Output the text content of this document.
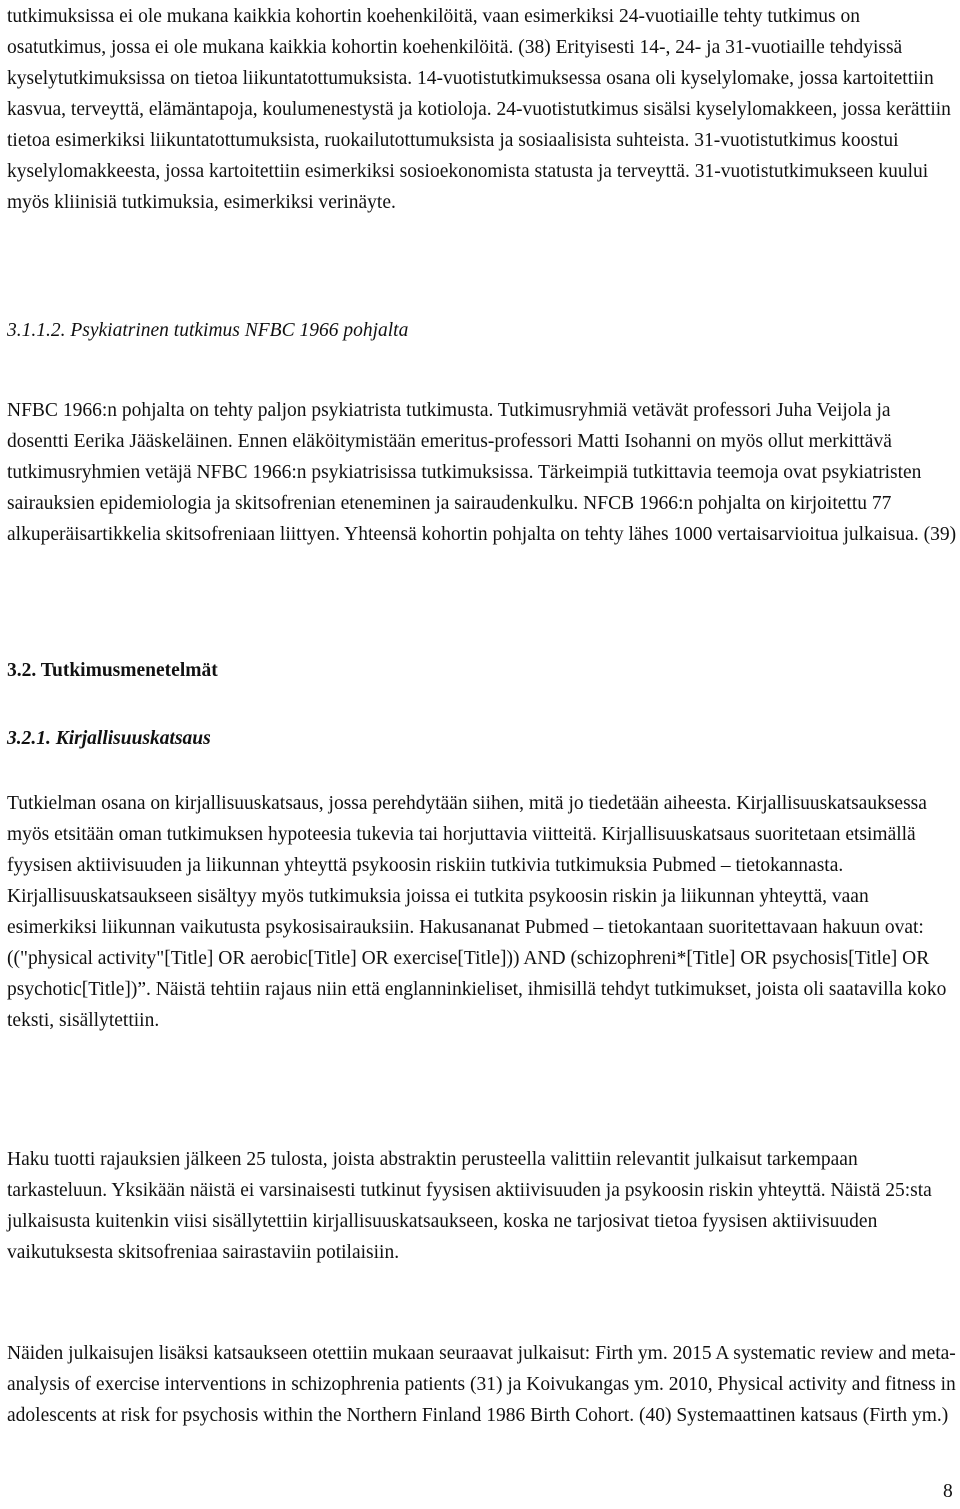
tutkimuksissa ei ole mukana kaikkia kohortin koehenkilöitä, vaan esimerkiksi 24-vuotiaille tehty tutkimus on osatutkimus, jossa ei ole mukana kaikkia kohortin koehenkilöitä. (38) Erityisesti 14-, 24- ja 31-vuotiaille tehdyissä kyselytutkimuksissa on tietoa liikuntatottumuksista. 14-vuotistutkimuksessa osana oli kyselylomake, jossa kartoitettiin kasvua, terveyttä, elämäntapoja, koulumenestystä ja kotioloja. 24-vuotistutkimus sisälsi kyselylomakkeen, jossa kerättiin tietoa esimerkiksi liikuntatottumuksista, ruokailutottumuksista ja sosiaalisista suhteista. 31-vuotistutkimus koostui kyselylomakkeesta, jossa kartoitettiin esimerkiksi sosioekonomista statusta ja terveyttä. 31-vuotistutkimukseen kuului myös kliinisiä tutkimuksia, esimerkiksi verinäyte.

3.1.1.2. Psykiatrinen tutkimus NFBC 1966 pohjalta

NFBC 1966:n pohjalta on tehty paljon psykiatrista tutkimusta. Tutkimusryhmiä vetävät professori Juha Veijola ja dosentti Eerika Jääskeläinen. Ennen eläköitymistään emeritus-professori Matti Isohanni on myös ollut merkittävä tutkimusryhmien vetäjä NFBC 1966:n psykiatrisissa tutkimuksissa. Tärkeimpiä tutkittavia teemoja ovat psykiatristen sairauksien epidemiologia ja skitsofrenian eteneminen ja sairaudenkulku. NFCB 1966:n pohjalta on kirjoitettu 77 alkuperäisartikkelia skitsofreniaan liittyen. Yhteensä kohortin pohjalta on tehty lähes 1000 vertaisarvioitua julkaisua. (39)

3.2. Tutkimusmenetelmät

3.2.1. Kirjallisuuskatsaus

Tutkielman osana on kirjallisuuskatsaus, jossa perehdytään siihen, mitä jo tiedetään aiheesta. Kirjallisuuskatsauksessa myös etsitään oman tutkimuksen hypoteesia tukevia tai horjuttavia viitteitä. Kirjallisuuskatsaus suoritetaan etsimällä fyysisen aktiivisuuden ja liikunnan yhteyttä psykoosin riskiin tutkivia tutkimuksia Pubmed – tietokannasta. Kirjallisuuskatsaukseen sisältyy myös tutkimuksia joissa ei tutkita psykoosin riskin ja liikunnan yhteyttä, vaan esimerkiksi liikunnan vaikutusta psykosisairauksiin. Hakusananat Pubmed – tietokantaan suoritettavaan hakuun ovat: (("physical activity"[Title] OR aerobic[Title] OR exercise[Title])) AND (schizophreni*[Title] OR psychosis[Title] OR psychotic[Title])”. Näistä tehtiin rajaus niin että englanninkieliset, ihmisillä tehdyt tutkimukset, joista oli saatavilla koko teksti, sisällytettiin.

Haku tuotti rajauksien jälkeen 25 tulosta, joista abstraktin perusteella valittiin relevantit julkaisut tarkempaan tarkasteluun. Yksikään näistä ei varsinaisesti tutkinut fyysisen aktiivisuuden ja psykoosin riskin yhteyttä. Näistä 25:sta julkaisusta kuitenkin viisi sisällytettiin kirjallisuuskatsaukseen, koska ne tarjosivat tietoa fyysisen aktiivisuuden vaikutuksesta skitsofreniaa sairastaviin potilaisiin.

Näiden julkaisujen lisäksi katsaukseen otettiin mukaan seuraavat julkaisut: Firth ym. 2015 A systematic review and meta-analysis of exercise interventions in schizophrenia patients (31) ja Koivukangas ym. 2010, Physical activity and fitness in adolescents at risk for psychosis within the Northern Finland 1986 Birth Cohort. (40) Systemaattinen katsaus (Firth ym.)

8
